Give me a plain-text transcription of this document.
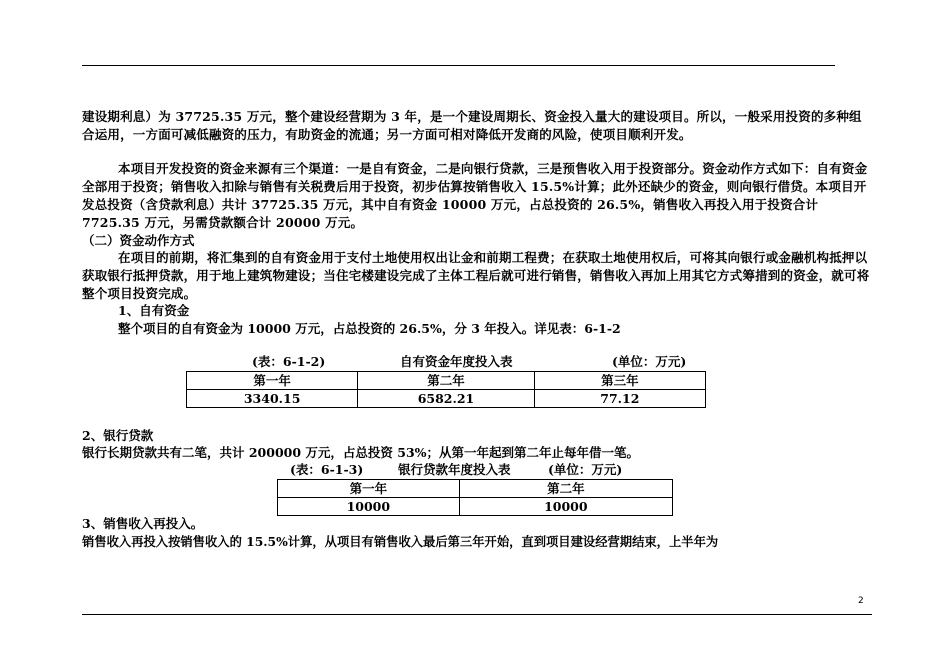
建设期利息）为 37725.35 万元，整个建设经营期为 3 年，是一个建设周期长、资金投入量大的建设项目。所以，一般采用投资的多种组合运用，一方面可减低融资的压力，有助资金的流通；另一方面可相对降低开发商的风险，使项目顺利开发。

本项目开发投资的资金来源有三个渠道：一是自有资金，二是向银行贷款，三是预售收入用于投资部分。资金动作方式如下：自有资金全部用于投资；销售收入扣除与销售有关税费后用于投资，初步估算按销售收入 15.5%计算；此外还缺少的资金，则向银行借贷。本项目开发总投资（含贷款利息）共计 37725.35 万元，其中自有资金 10000 万元，占总投资的 26.5%，销售收入再投入用于投资合计 7725.35 万元，另需贷款额合计 20000 万元。

（二）资金动作方式

在项目的前期，将汇集到的自有资金用于支付土地使用权出让金和前期工程费；在获取土地使用权后，可将其向银行或金融机构抵押以获取银行抵押贷款，用于地上建筑物建设；当住宅楼建设完成了主体工程后就可进行销售，销售收入再加上用其它方式筹措到的资金，就可将整个项目投资完成。

1、自有资金
整个项目的自有资金为 10000 万元，占总投资的 26.5%，分 3 年投入。详见表：6-1-2
(表：6-1-2)	自有资金年度投入表	(单位：万元)
第一年	第二年	第三年
3340.15	6582.21	77.12
2、银行贷款
银行长期贷款共有二笔，共计 200000 万元，占总投资 53%；从第一年起到第二年止每年借一笔。
(表：6-1-3)	银行贷款年度投入表	(单位：万元)
第一年	第二年
10000	10000
3、销售收入再投入。
销售收入再投入按销售收入的 15.5%计算，从项目有销售收入最后第三年开始，直到项目建设经营期结束，上半年为
2
